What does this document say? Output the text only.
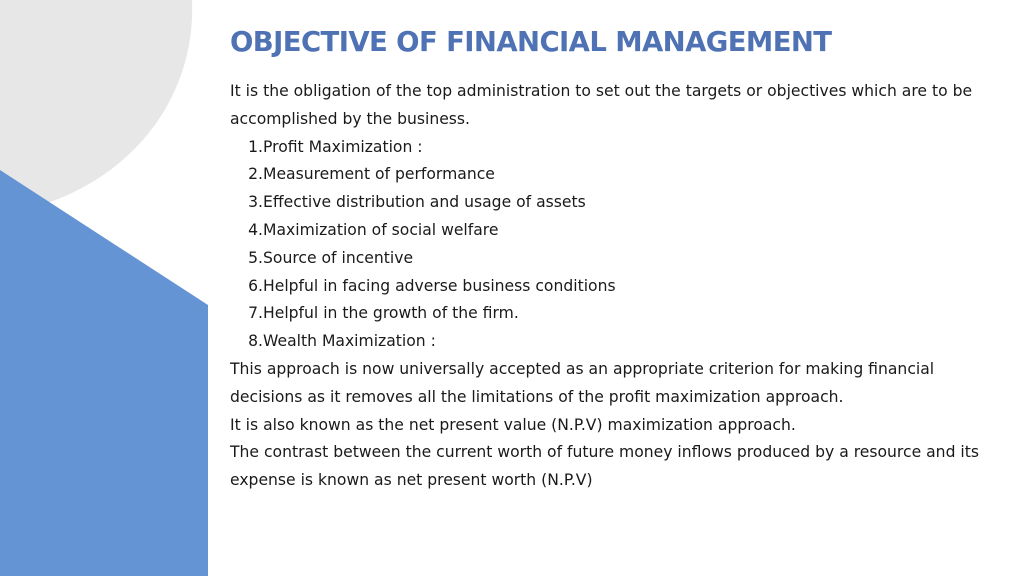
OBJECTIVE OF FINANCIAL MANAGEMENT

It is the obligation of the top administration to set out the targets or objectives which are to be accomplished by the business.

1. Profit Maximization :
2. Measurement of performance
3. Effective distribution and usage of assets
4. Maximization of social welfare
5. Source of incentive
6. Helpful in facing adverse business conditions
7. Helpful in the growth of the firm.
8. Wealth Maximization :

This approach is now universally accepted as an appropriate criterion for making financial decisions as it removes all the limitations of the profit maximization approach.

It is also known as the net present value (N.P.V) maximization approach.

The contrast between the current worth of future money inflows produced by a resource and its expense is known as net present worth (N.P.V)
